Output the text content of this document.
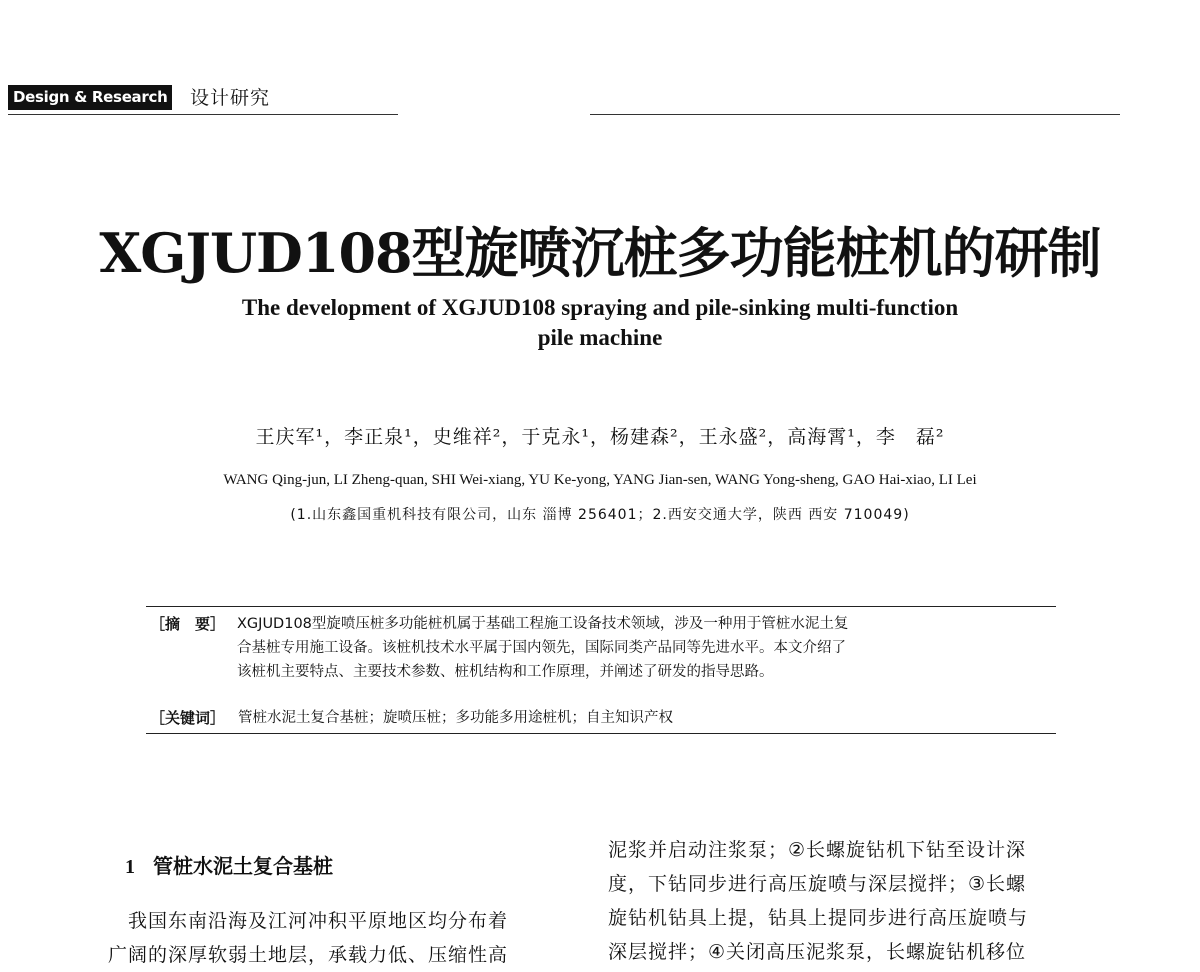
Design & Research 设计研究
XGJUD108型旋喷沉桩多功能桩机的研制
The development of XGJUD108 spraying and pile-sinking multi-function
pile machine
王庆军¹，李正泉¹，史维祥²，于克永¹，杨建森²，王永盛²，高海霄¹，李　磊²
WANG Qing-jun, LI Zheng-quan, SHI Wei-xiang, YU Ke-yong, YANG Jian-sen, WANG Yong-sheng, GAO Hai-xiao, LI Lei
(1.山东鑫国重机科技有限公司，山东 淄博 256401；2.西安交通大学，陕西 西安 710049)
［摘　要］ XGJUD108型旋喷压桩多功能桩机属于基础工程施工设备技术领域，涉及一种用于管桩水泥土复
合基桩专用施工设备。该桩机技术水平属于国内领先，国际同类产品同等先进水平。本文介绍了
该桩机主要特点、主要技术参数、桩机结构和工作原理，并阐述了研发的指导思路。
［关键词］ 管桩水泥土复合基桩；旋喷压桩；多功能多用途桩机；自主知识产权
1 管桩水泥土复合基桩
　我国东南沿海及江河冲积平原地区均分布着
广阔的深厚软弱土地层，承载力低、压缩性高
泥浆并启动注浆泵；②长螺旋钻机下钻至设计深
度，下钻同步进行高压旋喷与深层搅拌；③长螺
旋钻机钻具上提，钻具上提同步进行高压旋喷与
深层搅拌；④关闭高压泥浆泵，长螺旋钻机移位
